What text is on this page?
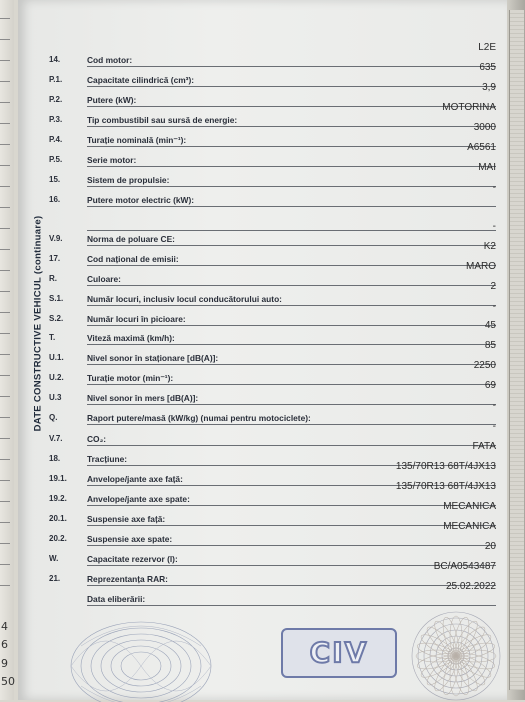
4
6
9
50
DATE CONSTRUCTIVE VEHICUL (continuare)
14.	Cod motor:
L2E
P.1.	Capacitate cilindrică (cm³):
635
P.2.	Putere (kW):
3,9
P.3.	Tip combustibil sau sursă de energie:
MOTORINA
P.4.	Turație nominală (min⁻¹):
3000
P.5.	Serie motor:
A6561
15.	Sistem de propulsie:
MAI
16.	Putere motor electric (kW):
-
V.9.	Norma de poluare CE:
-
17.	Cod național de emisii:
K2
R.	Culoare:
MARO
S.1.	Număr locuri, inclusiv locul conducătorului auto:
2
S.2.	Număr locuri în picioare:
-
T.	Viteză maximă (km/h):
45
U.1.	Nivel sonor în staționare [dB(A)]:
85
U.2.	Turație motor (min⁻¹):
2250
U.3	Nivel sonor în mers [dB(A)]:
69
Q.	Raport putere/masă (kW/kg) (numai pentru motociclete):
-
V.7.	CO₂:
-
18.	Tracțiune:
FATA
19.1.	Anvelope/jante axe față:
135/70R13 68T/4JX13
19.2.	Anvelope/jante axe spate:
135/70R13 68T/4JX13
20.1.	Suspensie axe față:
MECANICA
20.2.	Suspensie axe spate:
MECANICA
W.	Capacitate rezervor (l):
20
21.	Reprezentanța RAR:
BC/A0543487
Data eliberării:
25.02.2022
CIV
